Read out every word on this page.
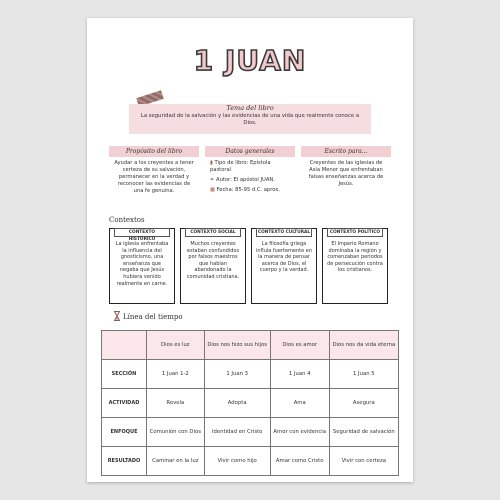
1 JUAN
Tema del libro
La seguridad de la salvación y las evidencias de una vida que realmente conoce a Dios.
Propósito del libro
Ayudar a los creyentes a tener certeza de su salvación, permanecer en la verdad y reconocer las evidencias de una fe genuina.
Datos generales
▮ Tipo de libro: Epístola pastoral
✒ Autor: El apóstol JUAN.
▩ Fecha: 85-95 d.C. aprox.
Escrito para...
Creyentes de las iglesias de Asia Menor que enfrentaban falsas enseñanzas acerca de Jesús.
Contextos
CONTEXTO HISTÓRICO
La iglesia enfrentaba la influencia del gnosticismo, una enseñanza que negaba que Jesús hubiera venido realmente en carne.
CONTEXTO SOCIAL
Muchos creyentes estaban confundidos por falsos maestros que habían abandonado la comunidad cristiana.
CONTEXTO CULTURAL
La filosofía griega influía fuertemente en la manera de pensar acerca de Dios, el cuerpo y la verdad.
CONTEXTO POLÍTICO
El Imperio Romano dominaba la región y comenzaban periodos de persecución contra los cristianos.
Línea del tiempo
	Dios es luz	Dios nos hizo sus hijos	Dios es amor	Dios nos da vida eterna
SECCIÓN	1 Juan 1-2	1 Juan 3	1 Juan 4	1 Juan 5
ACTIVIDAD	Revela	Adopta	Ama	Asegura
ENFOQUE	Comunión con Dios	Identidad en Cristo	Amor con evidencia	Seguridad de salvación
RESULTADO	Caminar en la luz	Vivir como hijo	Amar como Cristo	Vivir con certeza
